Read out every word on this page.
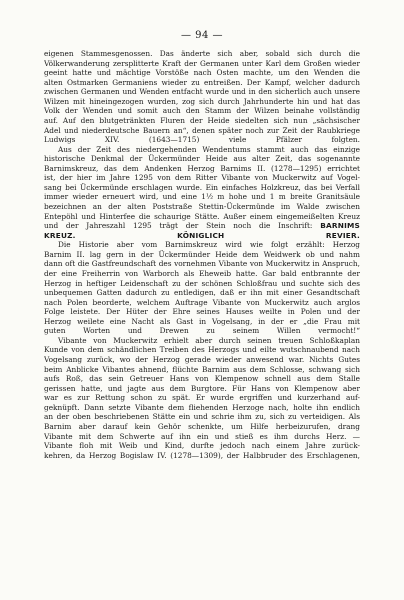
— 94 —
eigenen Stammesgenossen. Das änderte sich aber, sobald sich durch die
Völkerwanderung zersplitterte Kraft der Germanen unter Karl dem Großen wieder
geeint hatte und mächtige Vorstöße nach Osten machte, um den Wenden die
alten Ostmarken Germaniens wieder zu entreißen. Der Kampf, welcher dadurch
zwischen Germanen und Wenden entfacht wurde und in den sicherlich auch unsere
Wilzen mit hineingezogen wurden, zog sich durch Jahrhunderte hin und hat das
Volk der Wenden und somit auch den Stamm der Wilzen beinahe vollständig
auf. Auf den blutgetränkten Fluren der Heide siedelten sich nun „sächsischer
Adel und niederdeutsche Bauern an“, denen später noch zur Zeit der Raubkriege
Ludwigs XIV. (1643—1715) viele Pfälzer folgten.
Aus der Zeit des niedergehenden Wendentums stammt auch das einzige
historische Denkmal der Ückermünder Heide aus alter Zeit, das sogenannte
Barnimskreuz, das dem Andenken Herzog Barnims II. (1278—1295) errichtet
ist, der hier im Jahre 1295 von dem Ritter Vibante von Muckerwitz auf Vogel-
sang bei Ückermünde erschlagen wurde. Ein einfaches Holzkreuz, das bei Verfall
immer wieder erneuert wird, und eine 1½ m hohe und 1 m breite Granitsäule
bezeichnen an der alten Poststraße Stettin-Ückermünde im Walde zwischen
Entepöhl und Hinterfee die schaurige Stätte. Außer einem eingemeißelten Kreuz
und der Jahreszahl 1295 trägt der Stein noch die Inschrift: BARNIMS
KREUZ. KÖNIGLICH REVIER.
Die Historie aber vom Barnimskreuz wird wie folgt erzählt: Herzog
Barnim II. lag gern in der Ückermünder Heide dem Weidwerk ob und nahm
dann oft die Gastfreundschaft des vornehmen Vibante von Muckerwitz in Anspruch,
der eine Freiherrin von Warborch als Eheweib hatte. Gar bald entbrannte der
Herzog in heftiger Leidenschaft zu der schönen Schloßfrau und suchte sich des
unbequemen Gatten dadurch zu entledigen, daß er ihn mit einer Gesandtschaft
nach Polen beorderte, welchem Auftrage Vibante von Muckerwitz auch arglos
Folge leistete. Der Hüter der Ehre seines Hauses weilte in Polen und der
Herzog weilete eine Nacht als Gast in Vogelsang, in der er „die Frau mit
guten Worten und Drewen zu seinem Willen vermocht!“
Vibante von Muckerwitz erhielt aber durch seinen treuen Schloßkaplan
Kunde von dem schändlichen Treiben des Herzogs und eilte wutschnaubend nach
Vogelsang zurück, wo der Herzog gerade wieder anwesend war. Nichts Gutes
beim Anblicke Vibantes ahnend, flüchte Barnim aus dem Schlosse, schwang sich
aufs Roß, das sein Getreuer Hans von Klempenow schnell aus dem Stalle
gerissen hatte, und jagte aus dem Burgtore. Für Hans von Klempenow aber
war es zur Rettung schon zu spät. Er wurde ergriffen und kurzerhand auf-
geknüpft. Dann setzte Vibante dem fliehenden Herzoge nach, holte ihn endlich
an der oben beschriebenen Stätte ein und schrie ihm zu, sich zu verteidigen. Als
Barnim aber darauf kein Gehör schenkte, um Hilfe herbeizurufen, drang
Vibante mit dem Schwerte auf ihn ein und stieß es ihm durchs Herz. —
Vibante floh mit Weib und Kind, durfte jedoch nach einem Jahre zurück-
kehren, da Herzog Bogislaw IV. (1278—1309), der Halbbruder des Erschlagenen,
